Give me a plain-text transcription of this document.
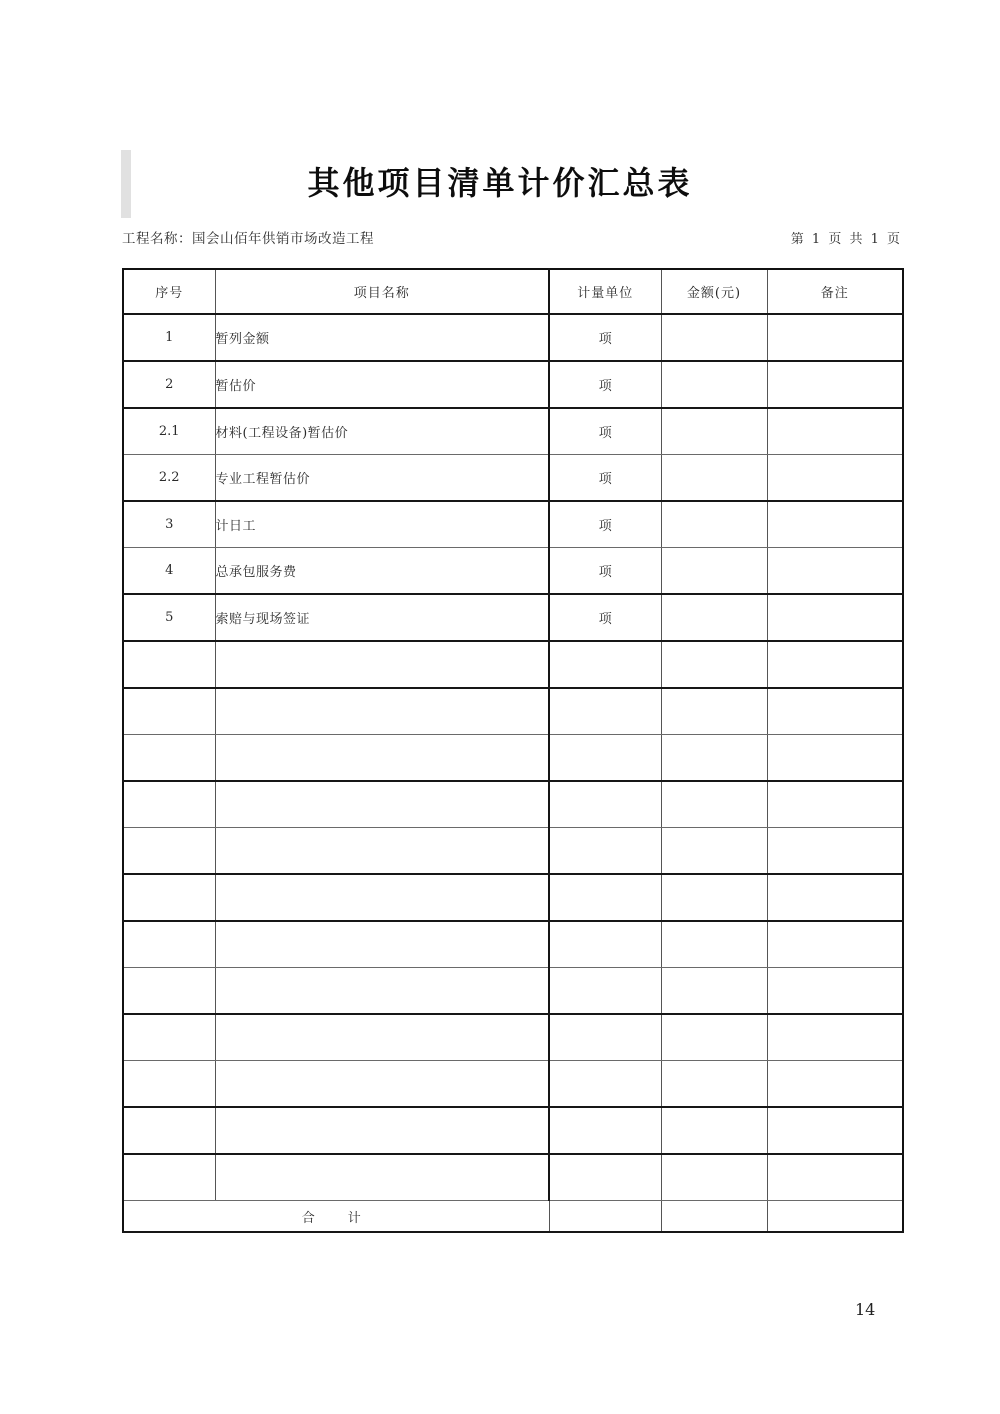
其他项目清单计价汇总表
工程名称：国会山佰年供销市场改造工程	第 1 页 共 1 页
序号	项目名称	计量单位	金额(元)	备注
1	暂列金额	项		
2	暂估价	项		
2.1	材料(工程设备)暂估价	项		
2.2	专业工程暂估价	项		
3	计日工	项		
4	总承包服务费	项		
5	索赔与现场签证	项		

合　计				
14
